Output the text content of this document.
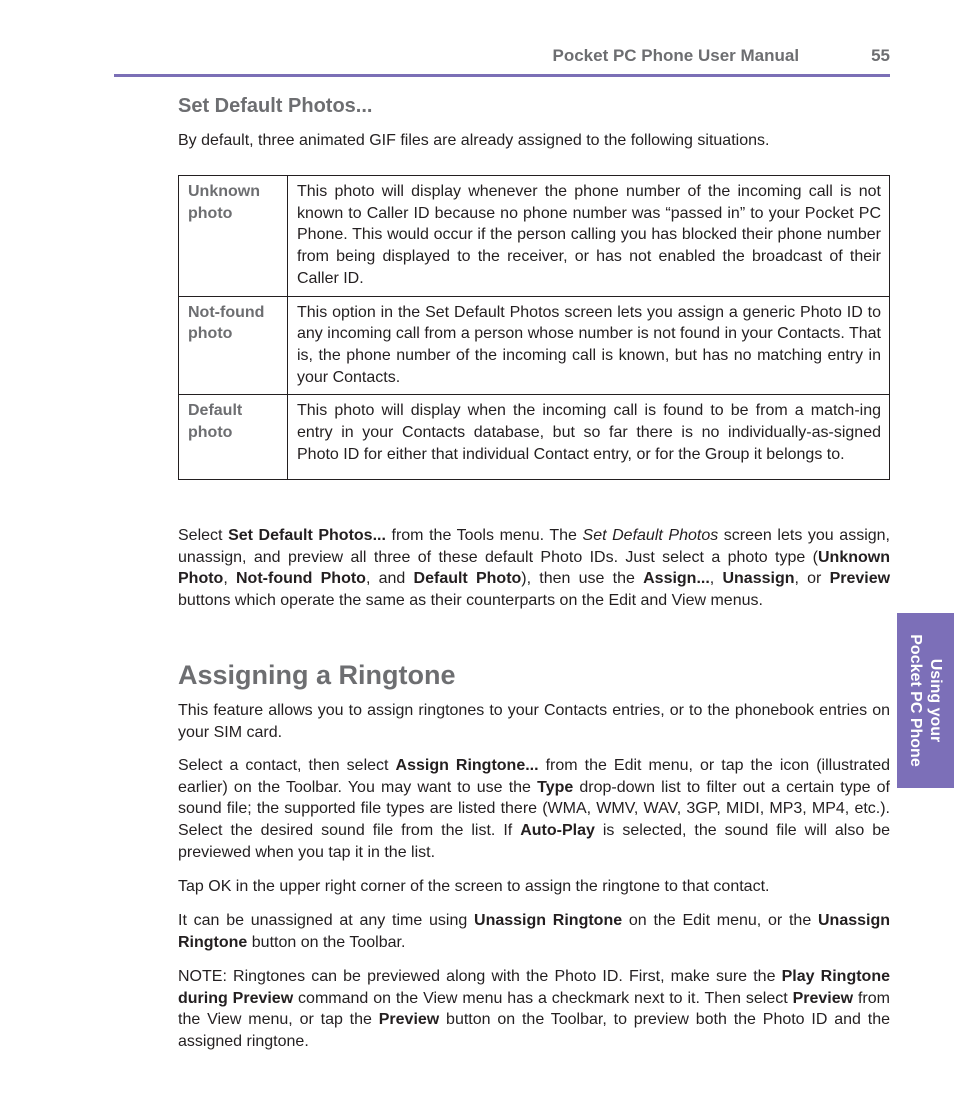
Pocket PC Phone User Manual	55
Using your
Pocket PC Phone
Set Default Photos...

By default, three animated GIF files are already assigned to the following situations.

Unknown
photo	This photo will display whenever the phone number of the incoming call is not known to Caller ID because no phone number was “passed in” to your Pocket PC Phone. This would occur if the person calling you has blocked their phone number from being displayed to the receiver, or has not enabled the broadcast of their Caller ID.

Not-found
photo	This option in the Set Default Photos screen lets you assign a generic Photo ID to any incoming call from a person whose number is not found in your Contacts. That is, the phone number of the incoming call is known, but has no matching entry in your Contacts.

Default
photo	This photo will display when the incoming call is found to be from a match-ing entry in your Contacts database, but so far there is no individually-as-signed Photo ID for either that individual Contact entry, or for the Group it belongs to.

Select Set Default Photos... from the Tools menu. The Set Default Photos screen lets you assign, unassign, and preview all three of these default Photo IDs. Just select a photo type (Unknown Photo, Not-found Photo, and Default Photo), then use the Assign..., Unassign, or Preview buttons which operate the same as their counterparts on the Edit and View menus.

Assigning a Ringtone

This feature allows you to assign ringtones to your Contacts entries, or to the phonebook entries on your SIM card.

Select a contact, then select Assign Ringtone... from the Edit menu, or tap the icon (illustrated earlier) on the Toolbar. You may want to use the Type drop-down list to filter out a certain type of sound file; the supported file types are listed there (WMA, WMV, WAV, 3GP, MIDI, MP3, MP4, etc.). Select the desired sound file from the list. If Auto-Play is selected, the sound file will also be previewed when you tap it in the list.

Tap OK in the upper right corner of the screen to assign the ringtone to that contact.

It can be unassigned at any time using Unassign Ringtone on the Edit menu, or the Unassign Ringtone button on the Toolbar.

NOTE: Ringtones can be previewed along with the Photo ID. First, make sure the Play Ringtone during Preview command on the View menu has a checkmark next to it. Then select Preview from the View menu, or tap the Preview button on the Toolbar, to preview both the Photo ID and the assigned ringtone.
